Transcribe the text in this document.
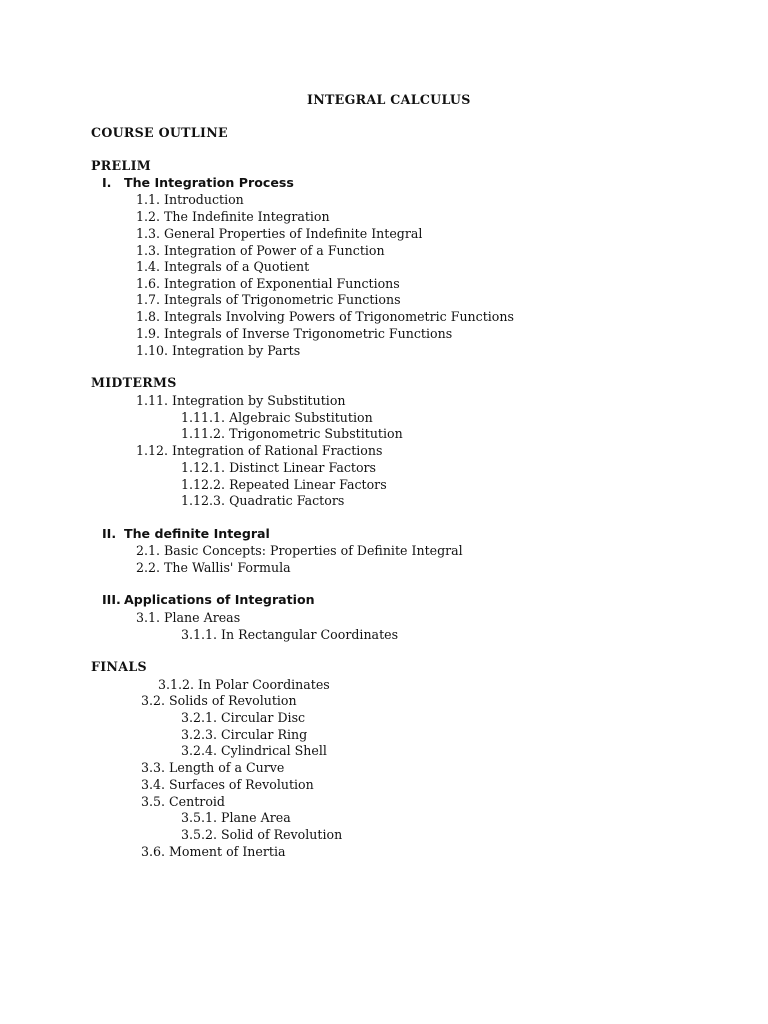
INTEGRAL CALCULUS
COURSE OUTLINE
PRELIM
I. The Integration Process
1.1. Introduction
1.2. The Indefinite Integration
1.3. General Properties of Indefinite Integral
1.3. Integration of Power of a Function
1.4. Integrals of a Quotient
1.6. Integration of Exponential Functions
1.7. Integrals of Trigonometric Functions
1.8. Integrals Involving Powers of Trigonometric Functions
1.9. Integrals of Inverse Trigonometric Functions
1.10. Integration by Parts
MIDTERMS
1.11. Integration by Substitution
1.11.1. Algebraic Substitution
1.11.2. Trigonometric Substitution
1.12. Integration of Rational Fractions
1.12.1. Distinct Linear Factors
1.12.2. Repeated Linear Factors
1.12.3. Quadratic Factors
II. The definite Integral
2.1. Basic Concepts: Properties of Definite Integral
2.2. The Wallis' Formula
III. Applications of Integration
3.1. Plane Areas
3.1.1. In Rectangular Coordinates
FINALS
3.1.2. In Polar Coordinates
3.2. Solids of Revolution
3.2.1. Circular Disc
3.2.3. Circular Ring
3.2.4. Cylindrical Shell
3.3. Length of a Curve
3.4. Surfaces of Revolution
3.5. Centroid
3.5.1. Plane Area
3.5.2. Solid of Revolution
3.6. Moment of Inertia
